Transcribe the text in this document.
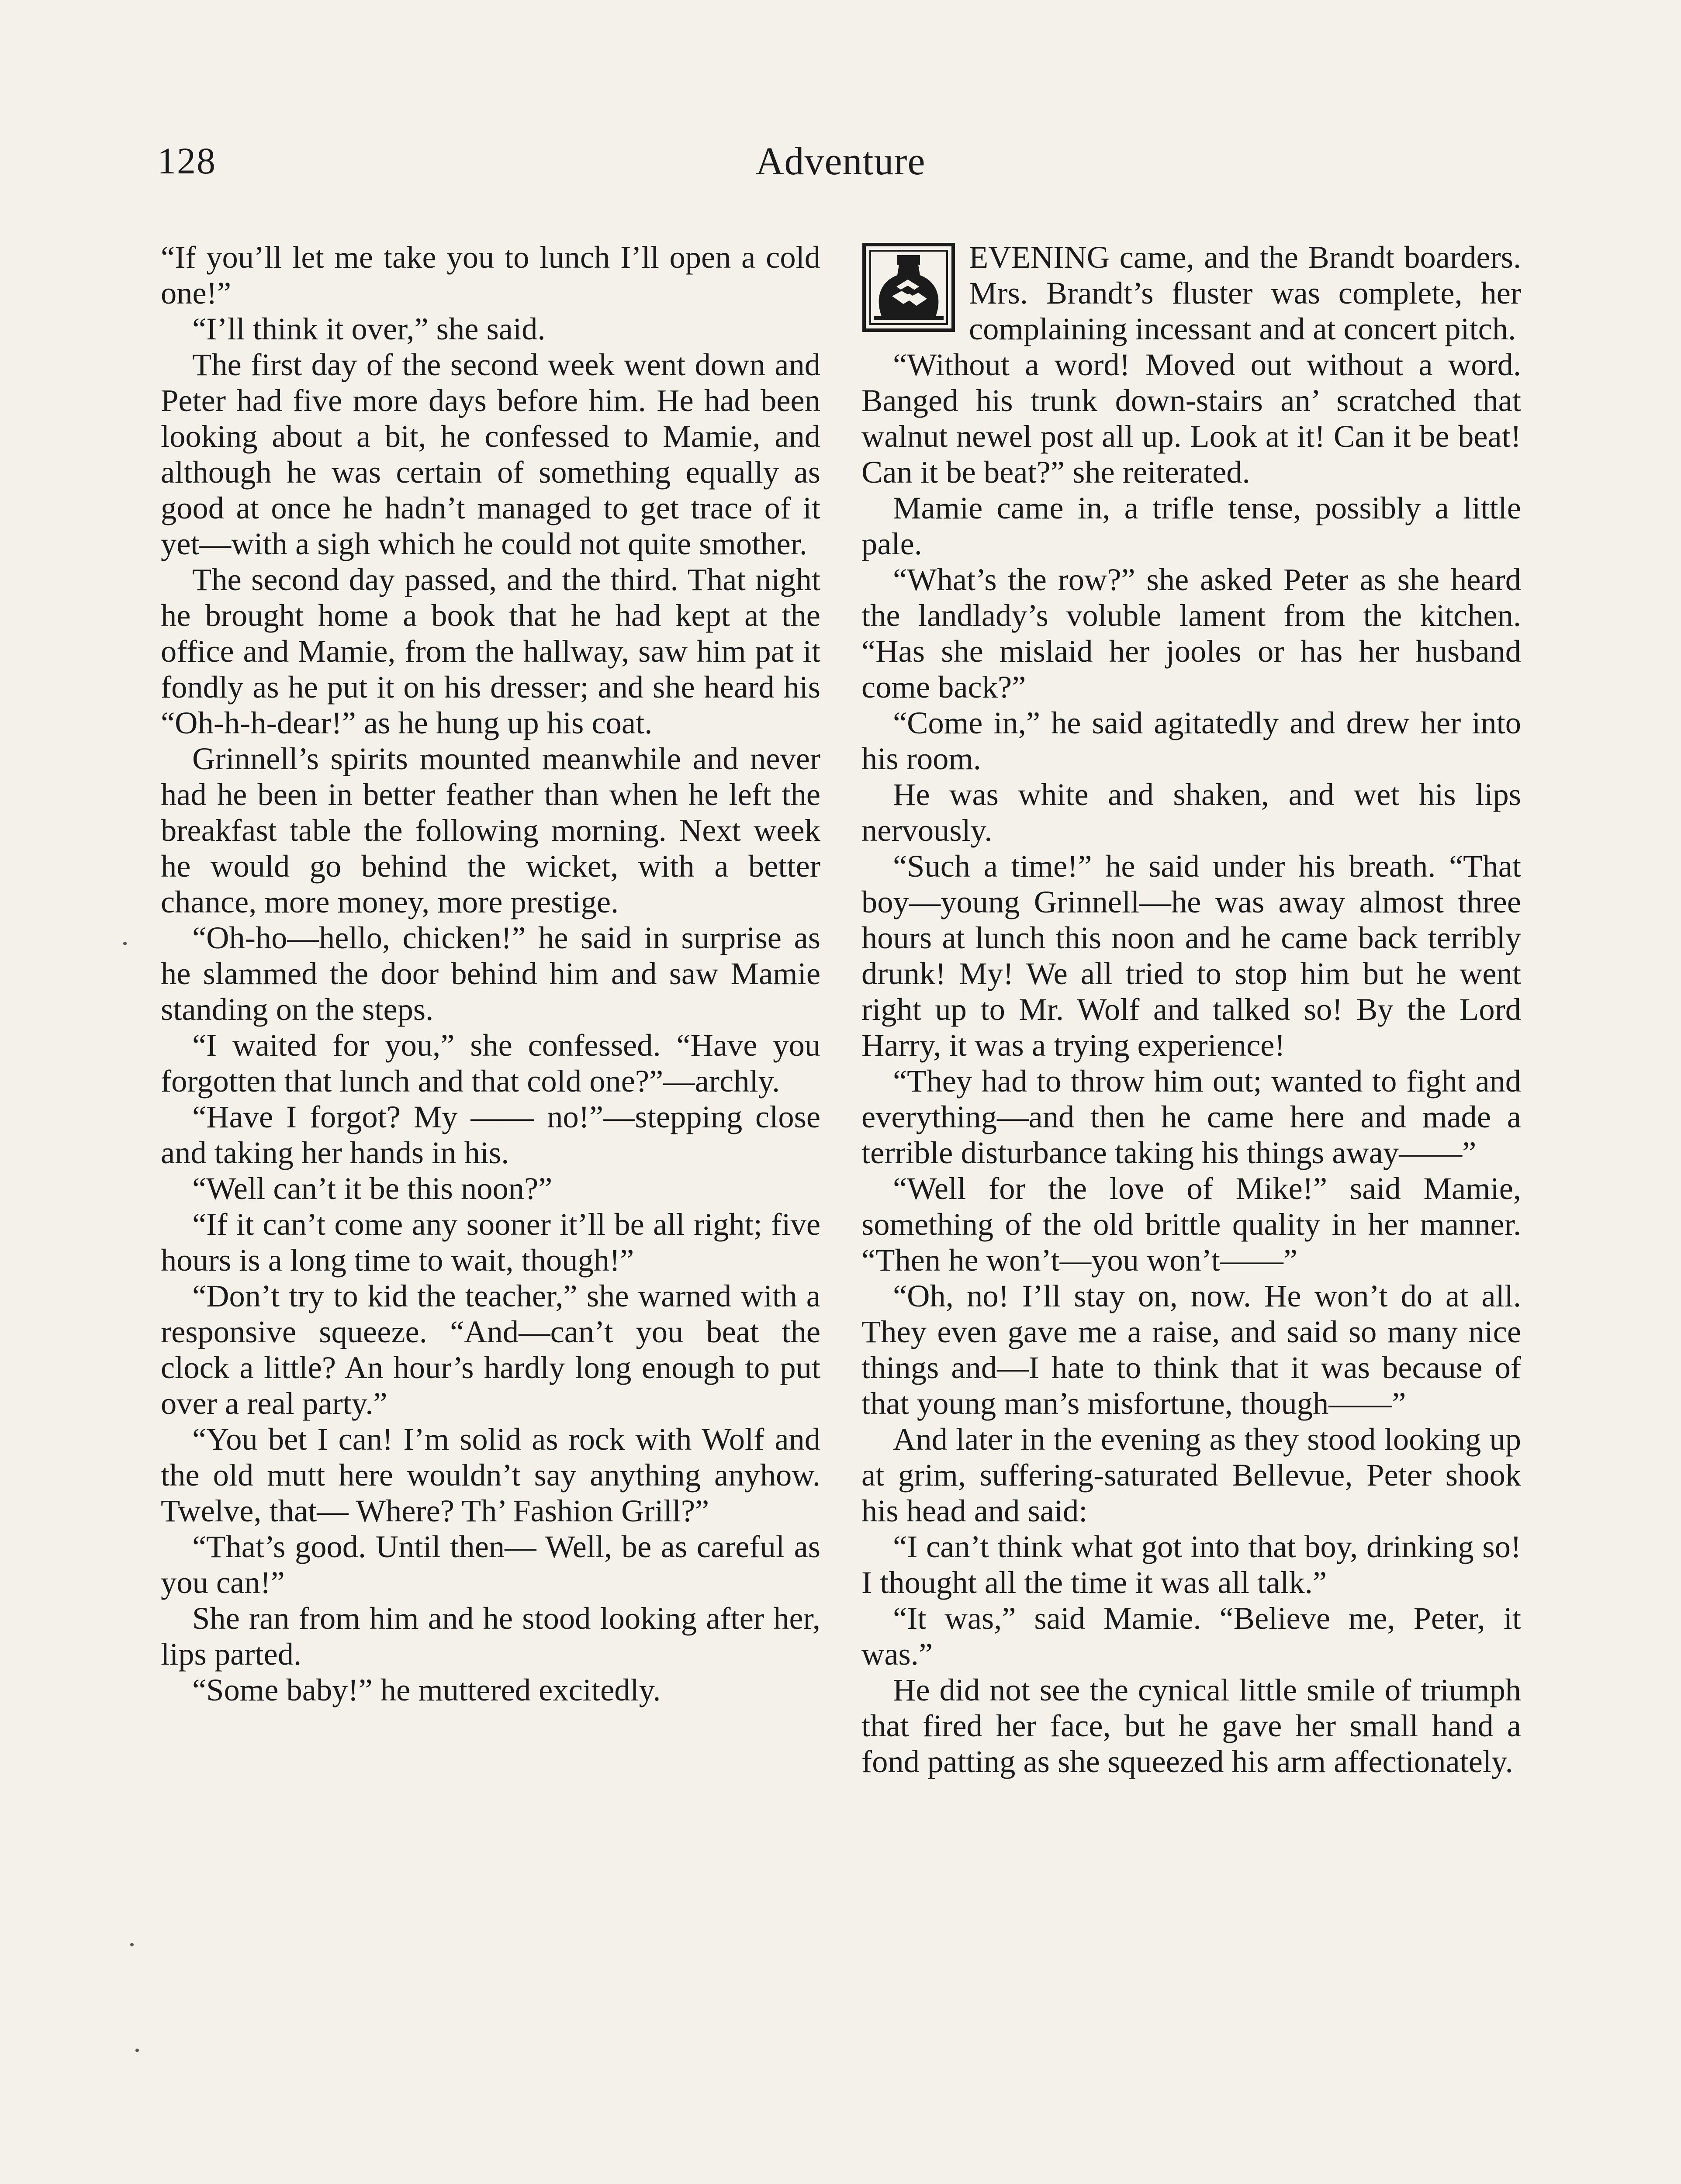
128	Adventure

“If you’ll let me take you to lunch I’ll open a cold one!”

“I’ll think it over,” she said.

The first day of the second week went down and Peter had five more days before him. He had been looking about a bit, he confessed to Mamie, and although he was certain of something equally as good at once he hadn’t managed to get trace of it yet—with a sigh which he could not quite smother.

The second day passed, and the third. That night he brought home a book that he had kept at the office and Mamie, from the hallway, saw him pat it fondly as he put it on his dresser; and she heard his “Oh-h-h-dear!” as he hung up his coat.

Grinnell’s spirits mounted meanwhile and never had he been in better feather than when he left the breakfast table the following morning. Next week he would go behind the wicket, with a better chance, more money, more prestige.

“Oh-ho—hello, chicken!” he said in surprise as he slammed the door behind him and saw Mamie standing on the steps.

“I waited for you,” she confessed. “Have you forgotten that lunch and that cold one?”—archly.

“Have I forgot? My —— no!”—stepping close and taking her hands in his.

“Well can’t it be this noon?”

“If it can’t come any sooner it’ll be all right; five hours is a long time to wait, though!”

“Don’t try to kid the teacher,” she warned with a responsive squeeze. “And—can’t you beat the clock a little? An hour’s hardly long enough to put over a real party.”

“You bet I can! I’m solid as rock with Wolf and the old mutt here wouldn’t say anything anyhow. Twelve, that— Where? Th’ Fashion Grill?”

“That’s good. Until then— Well, be as careful as you can!”

She ran from him and he stood looking after her, lips parted.

“Some baby!” he muttered excitedly.

EVENING came, and the Brandt boarders. Mrs. Brandt’s fluster was complete, her complaining incessant and at concert pitch.

“Without a word! Moved out without a word. Banged his trunk down-stairs an’ scratched that walnut newel post all up. Look at it! Can it be beat! Can it be beat?” she reiterated.

Mamie came in, a trifle tense, possibly a little pale.

“What’s the row?” she asked Peter as she heard the landlady’s voluble lament from the kitchen. “Has she mislaid her jooles or has her husband come back?”

“Come in,” he said agitatedly and drew her into his room.

He was white and shaken, and wet his lips nervously.

“Such a time!” he said under his breath. “That boy—young Grinnell—he was away almost three hours at lunch this noon and he came back terribly drunk! My! We all tried to stop him but he went right up to Mr. Wolf and talked so! By the Lord Harry, it was a trying experience!

“They had to throw him out; wanted to fight and everything—and then he came here and made a terrible disturbance taking his things away——”

“Well for the love of Mike!” said Mamie, something of the old brittle quality in her manner. “Then he won’t—you won’t——”

“Oh, no! I’ll stay on, now. He won’t do at all. They even gave me a raise, and said so many nice things and—I hate to think that it was because of that young man’s misfortune, though——”

And later in the evening as they stood looking up at grim, suffering-saturated Bellevue, Peter shook his head and said:

“I can’t think what got into that boy, drinking so! I thought all the time it was all talk.”

“It was,” said Mamie. “Believe me, Peter, it was.”

He did not see the cynical little smile of triumph that fired her face, but he gave her small hand a fond patting as she squeezed his arm affectionately.
